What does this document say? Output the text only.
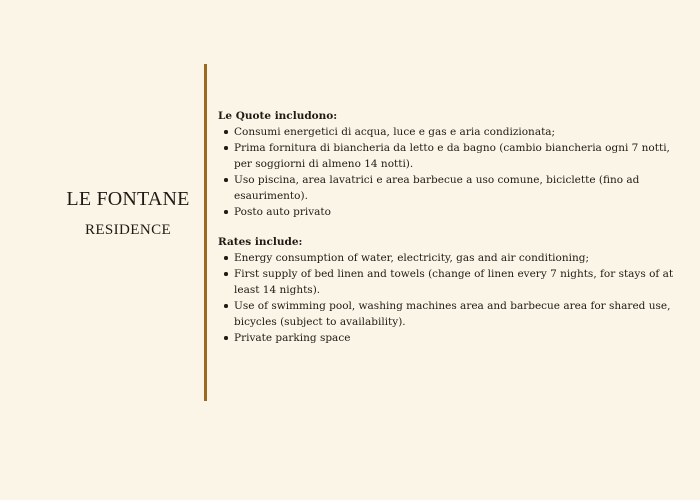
LE FONTANE
RESIDENCE

Le Quote includono:

Consumi energetici di acqua, luce e gas e aria condizionata;
Prima fornitura di biancheria da letto e da bagno (cambio biancheria ogni 7 notti, per soggiorni di almeno 14 notti).
Uso piscina, area lavatrici e area barbecue a uso comune, biciclette (fino ad esaurimento).
Posto auto privato

Rates include:

Energy consumption of water, electricity, gas and air conditioning;
First supply of bed linen and towels (change of linen every 7 nights, for stays of at least 14 nights).
Use of swimming pool, washing machines area and barbecue area for shared use, bicycles (subject to availability).
Private parking space
